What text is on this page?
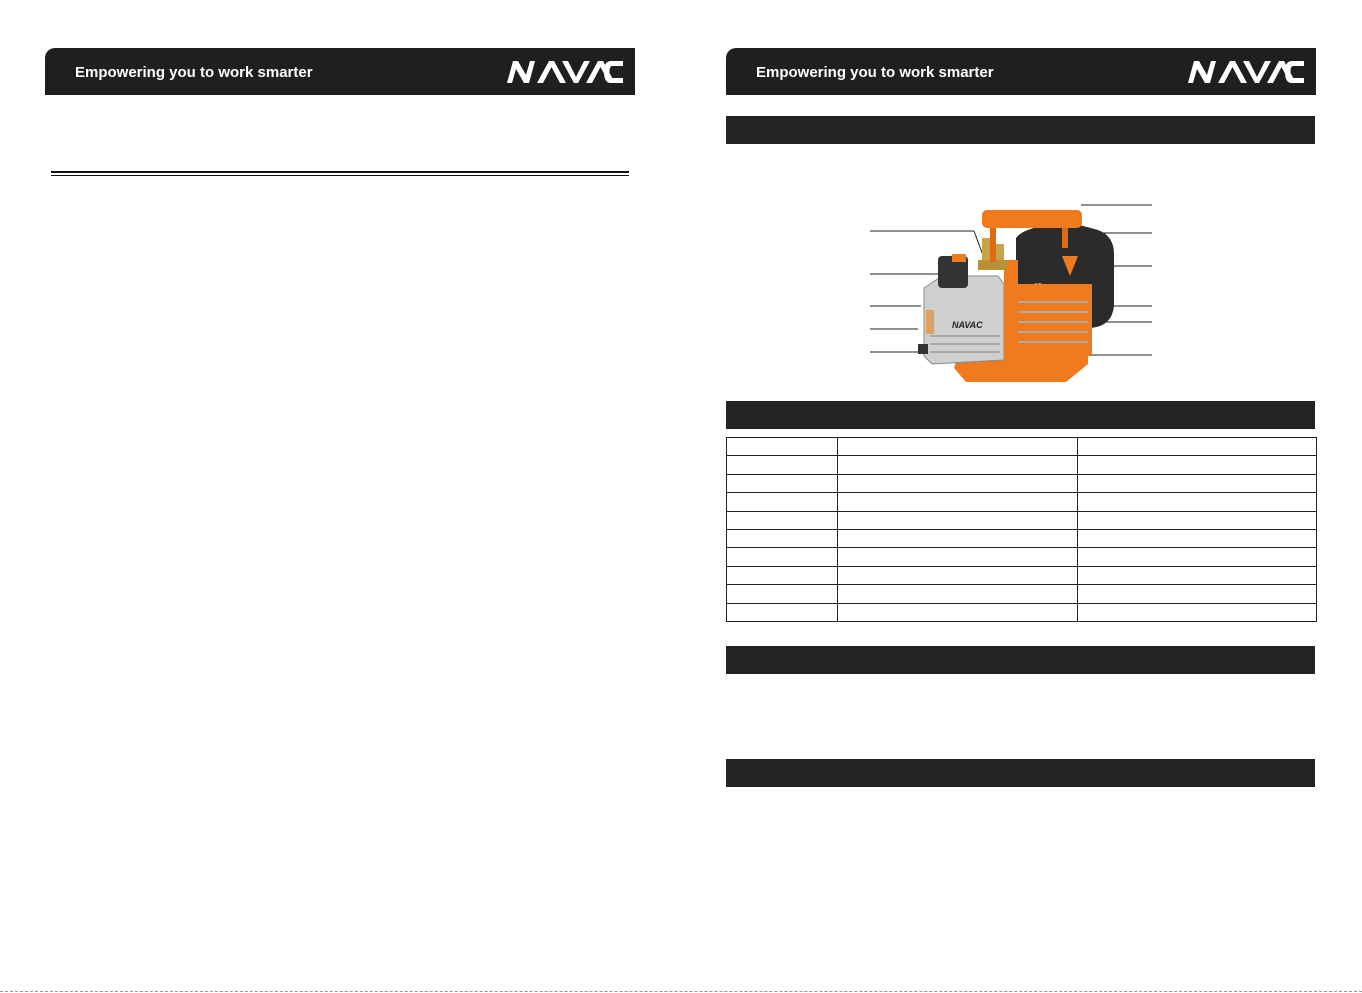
Empowering you to work smarter	Empowering you to work smarter
NAVAC
